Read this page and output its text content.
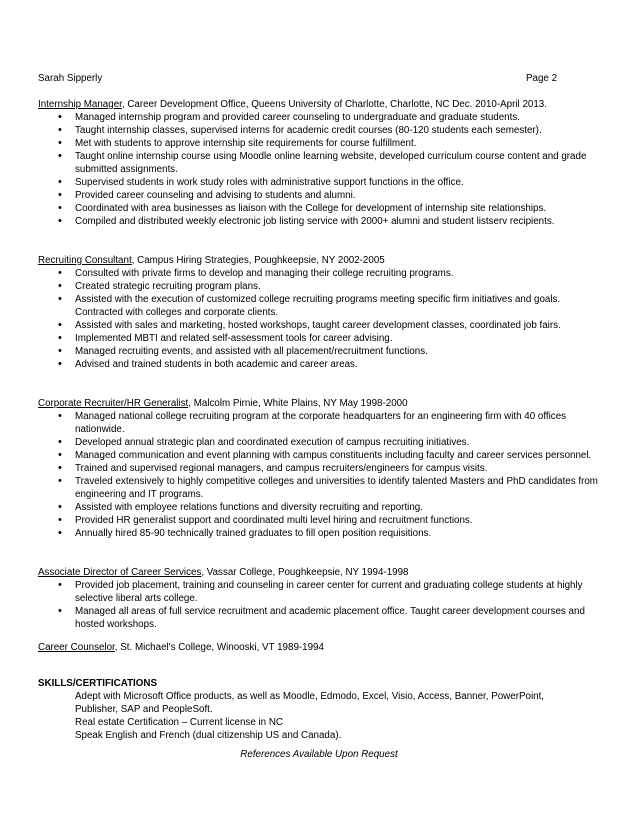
Sarah Sipperly	Page 2
Internship Manager, Career Development Office, Queens University of Charlotte, Charlotte, NC Dec. 2010-April 2013.
• Managed internship program and provided career counseling to undergraduate and graduate students.
• Taught internship classes, supervised interns for academic credit courses (80-120 students each semester).
• Met with students to approve internship site requirements for course fulfillment.
• Taught online internship course using Moodle online learning website, developed curriculum course content and grade submitted assignments.
• Supervised students in work study roles with administrative support functions in the office.
• Provided career counseling and advising to students and alumni.
• Coordinated with area businesses as liaison with the College for development of internship site relationships.
• Compiled and distributed weekly electronic job listing service with 2000+ alumni and student listserv recipients.
Recruiting Consultant, Campus Hiring Strategies, Poughkeepsie, NY 2002-2005
• Consulted with private firms to develop and managing their college recruiting programs.
• Created strategic recruiting program plans.
• Assisted with the execution of customized college recruiting programs meeting specific firm initiatives and goals. Contracted with colleges and corporate clients.
• Assisted with sales and marketing, hosted workshops, taught career development classes, coordinated job fairs.
• Implemented MBTI and related self-assessment tools for career advising.
• Managed recruiting events, and assisted with all placement/recruitment functions.
• Advised and trained students in both academic and career areas.
Corporate Recruiter/HR Generalist, Malcolm Pirnie, White Plains, NY May 1998-2000
• Managed national college recruiting program at the corporate headquarters for an engineering firm with 40 offices nationwide.
• Developed annual strategic plan and coordinated execution of campus recruiting initiatives.
• Managed communication and event planning with campus constituents including faculty and career services personnel.
• Trained and supervised regional managers, and campus recruiters/engineers for campus visits.
• Traveled extensively to highly competitive colleges and universities to identify talented Masters and PhD candidates from engineering and IT programs.
• Assisted with employee relations functions and diversity recruiting and reporting.
• Provided HR generalist support and coordinated multi level hiring and recruitment functions.
• Annually hired 85-90 technically trained graduates to fill open position requisitions.
Associate Director of Career Services, Vassar College, Poughkeepsie, NY 1994-1998
• Provided job placement, training and counseling in career center for current and graduating college students at highly selective liberal arts college.
• Managed all areas of full service recruitment and academic placement office. Taught career development courses and hosted workshops.
Career Counselor, St. Michael's College, Winooski, VT 1989-1994
SKILLS/CERTIFICATIONS
Adept with Microsoft Office products, as well as Moodle, Edmodo, Excel, Visio, Access, Banner, PowerPoint,
Publisher, SAP and PeopleSoft.
Real estate Certification – Current license in NC
Speak English and French (dual citizenship US and Canada).
References Available Upon Request
